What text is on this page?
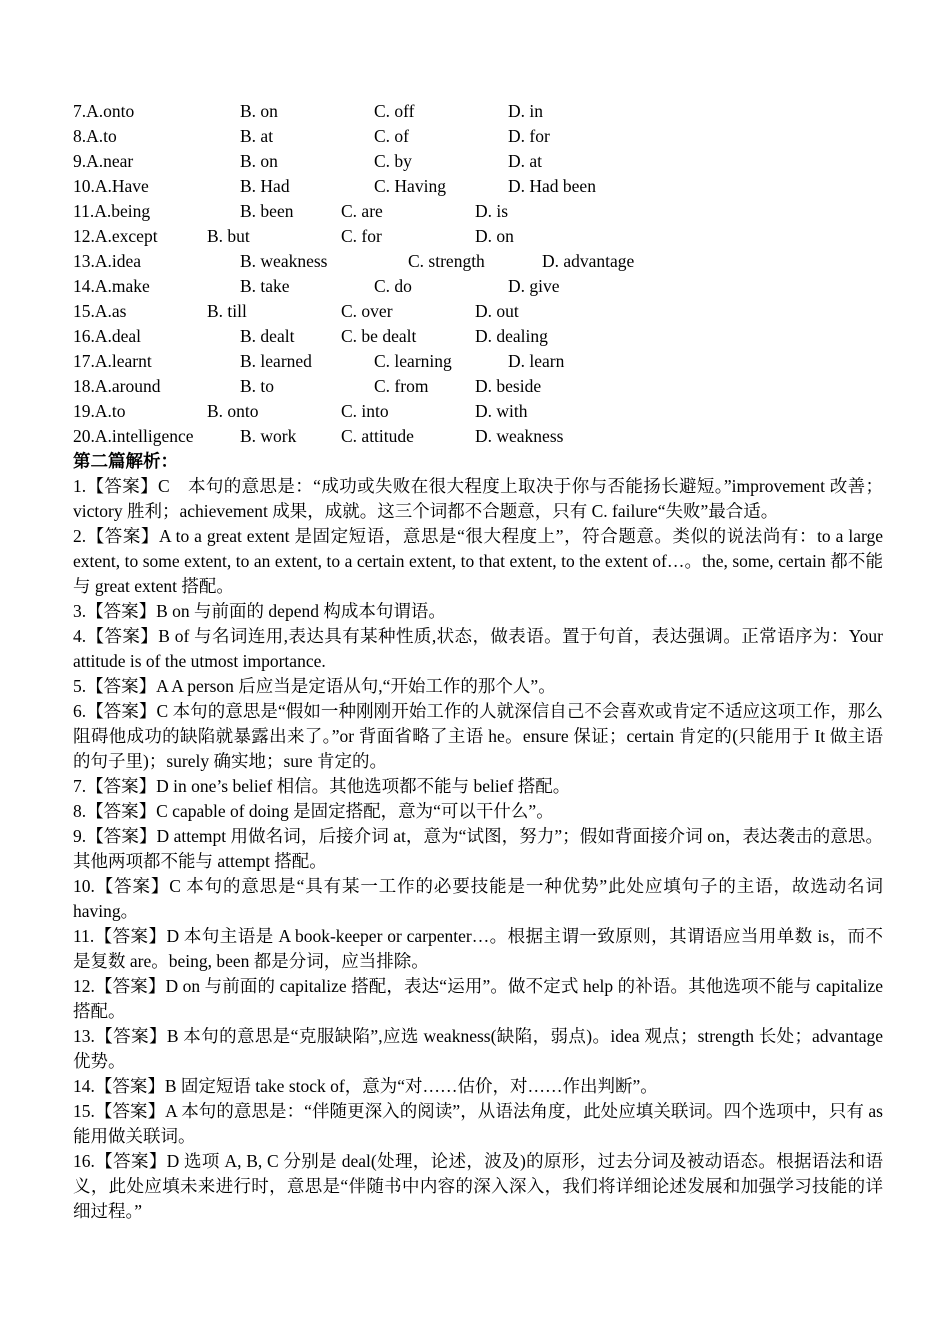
7.A.onto	B. on	C. off	D. in
8.A.to	B. at	C. of	D. for
9.A.near	B. on	C. by	D. at
10.A.Have	B. Had	C. Having	D. Had been
11.A.being	B. been	C. are	D. is
12.A.except	B. but	C. for	D. on
13.A.idea	B. weakness	C. strength	D. advantage
14.A.make	B. take	C. do	D. give
15.A.as	B. till	C. over	D. out
16.A.deal	B. dealt	C. be dealt	D. dealing
17.A.learnt	B. learned	C. learning	D. learn
18.A.around	B. to	C. from	D. beside
19.A.to	B. onto	C. into	D. with
20.A.intelligence	B. work	C. attitude	D. weakness
第二篇解析：

1.【答案】C　本句的意思是：“成功或失败在很大程度上取决于你与否能扬长避短。”improvement 改善；victory 胜利；achievement 成果，成就。这三个词都不合题意，只有 C. failure“失败”最合适。

2.【答案】A to a great extent 是固定短语，意思是“很大程度上”，符合题意。类似的说法尚有：to a large extent, to some extent, to an extent, to a certain extent, to that extent, to the extent of…。the, some, certain 都不能与 great extent 搭配。

3.【答案】B on 与前面的 depend 构成本句谓语。

4.【答案】B of 与名词连用,表达具有某种性质,状态，做表语。置于句首，表达强调。正常语序为：Your attitude is of the utmost importance.

5.【答案】A A person 后应当是定语从句,“开始工作的那个人”。

6.【答案】C 本句的意思是“假如一种刚刚开始工作的人就深信自己不会喜欢或肯定不适应这项工作，那么阻碍他成功的缺陷就暴露出来了。”or 背面省略了主语 he。ensure 保证；certain 肯定的(只能用于 It 做主语的句子里)；surely 确实地；sure 肯定的。

7.【答案】D in one’s belief 相信。其他选项都不能与 belief 搭配。

8.【答案】C capable of doing 是固定搭配，意为“可以干什么”。

9.【答案】D attempt 用做名词，后接介词 at，意为“试图，努力”；假如背面接介词 on，表达袭击的意思。其他两项都不能与 attempt 搭配。

10.【答案】C 本句的意思是“具有某一工作的必要技能是一种优势”此处应填句子的主语，故选动名词 having。

11.【答案】D 本句主语是 A book-keeper or carpenter…。根据主谓一致原则，其谓语应当用单数 is，而不是复数 are。being, been 都是分词，应当排除。

12.【答案】D on 与前面的 capitalize 搭配，表达“运用”。做不定式 help 的补语。其他选项不能与 capitalize 搭配。

13.【答案】B 本句的意思是“克服缺陷”,应选 weakness(缺陷，弱点)。idea 观点；strength 长处；advantage 优势。

14.【答案】B 固定短语 take stock of，意为“对……估价，对……作出判断”。

15.【答案】A 本句的意思是：“伴随更深入的阅读”，从语法角度，此处应填关联词。四个选项中，只有 as 能用做关联词。

16.【答案】D 选项 A, B, C 分别是 deal(处理，论述，波及)的原形，过去分词及被动语态。根据语法和语义，此处应填未来进行时，意思是“伴随书中内容的深入深入，我们将详细论述发展和加强学习技能的详细过程。”
